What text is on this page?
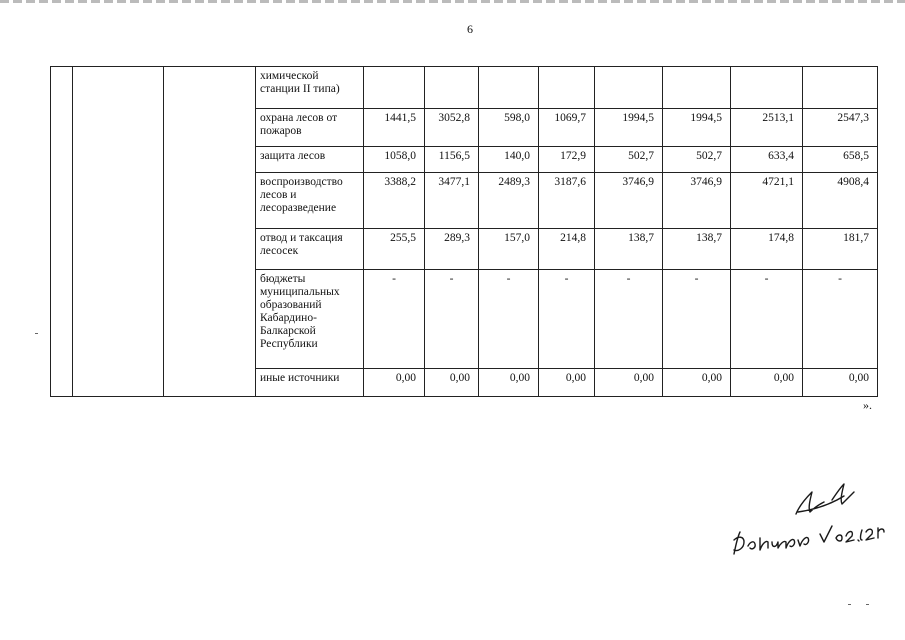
6
			химической станции II типа)								
			охрана лесов от пожаров	1441,5	3052,8	598,0	1069,7	1994,5	1994,5	2513,1	2547,3
			защита лесов	1058,0	1156,5	140,0	172,9	502,7	502,7	633,4	658,5
			воспроизводство лесов и лесоразведение	3388,2	3477,1	2489,3	3187,6	3746,9	3746,9	4721,1	4908,4
			отвод и таксация лесосек	255,5	289,3	157,0	214,8	138,7	138,7	174,8	181,7
			бюджеты муниципальных образований Кабардино-Балкарской Республики	-	-	-	-	-	-	-	-
			иные источники	0,00	0,00	0,00	0,00	0,00	0,00	0,00	0,00
».
